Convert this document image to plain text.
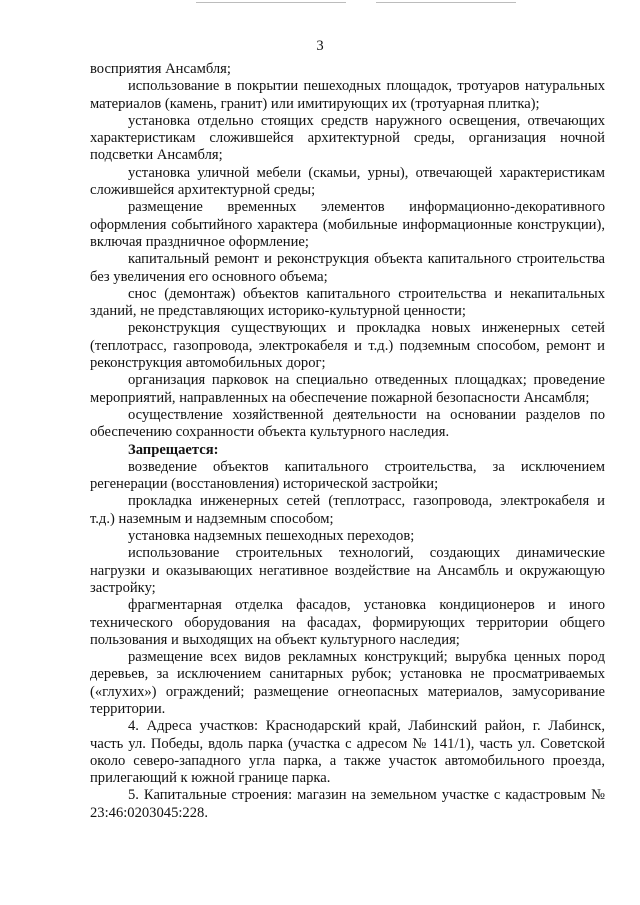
3

восприятия Ансамбля;

использование в покрытии пешеходных площадок, тротуаров натуральных материалов (камень, гранит) или имитирующих их (тротуарная плитка);

установка отдельно стоящих средств наружного освещения, отвечающих характеристикам сложившейся архитектурной среды, организация ночной подсветки Ансамбля;

установка уличной мебели (скамьи, урны), отвечающей характеристикам сложившейся архитектурной среды;

размещение временных элементов информационно-декоративного оформления событийного характера (мобильные информационные конструкции), включая праздничное оформление;

капитальный ремонт и реконструкция объекта капитального строительства без увеличения его основного объема;

снос (демонтаж) объектов капитального строительства и некапитальных зданий, не представляющих историко-культурной ценности;

реконструкция существующих и прокладка новых инженерных сетей (теплотрасс, газопровода, электрокабеля и т.д.) подземным способом, ремонт и реконструкция автомобильных дорог;

организация парковок на специально отведенных площадках; проведение мероприятий, направленных на обеспечение пожарной безопасности Ансамбля;

осуществление хозяйственной деятельности на основании разделов по обеспечению сохранности объекта культурного наследия.

Запрещается:

возведение объектов капитального строительства, за исключением регенерации (восстановления) исторической застройки;

прокладка инженерных сетей (теплотрасс, газопровода, электрокабеля и т.д.) наземным и надземным способом;

установка надземных пешеходных переходов;

использование строительных технологий, создающих динамические нагрузки и оказывающих негативное воздействие на Ансамбль и окружающую застройку;

фрагментарная отделка фасадов, установка кондиционеров и иного технического оборудования на фасадах, формирующих территории общего пользования и выходящих на объект культурного наследия;

размещение всех видов рекламных конструкций; вырубка ценных пород деревьев, за исключением санитарных рубок; установка не просматриваемых («глухих») ограждений; размещение огнеопасных материалов, замусоривание территории.

4. Адреса участков: Краснодарский край, Лабинский район, г. Лабинск, часть ул. Победы, вдоль парка (участка с адресом № 141/1), часть ул. Советской около северо-западного угла парка, а также участок автомобильного проезда, прилегающий к южной границе парка.

5. Капитальные строения: магазин на земельном участке с кадастровым № 23:46:0203045:228.
